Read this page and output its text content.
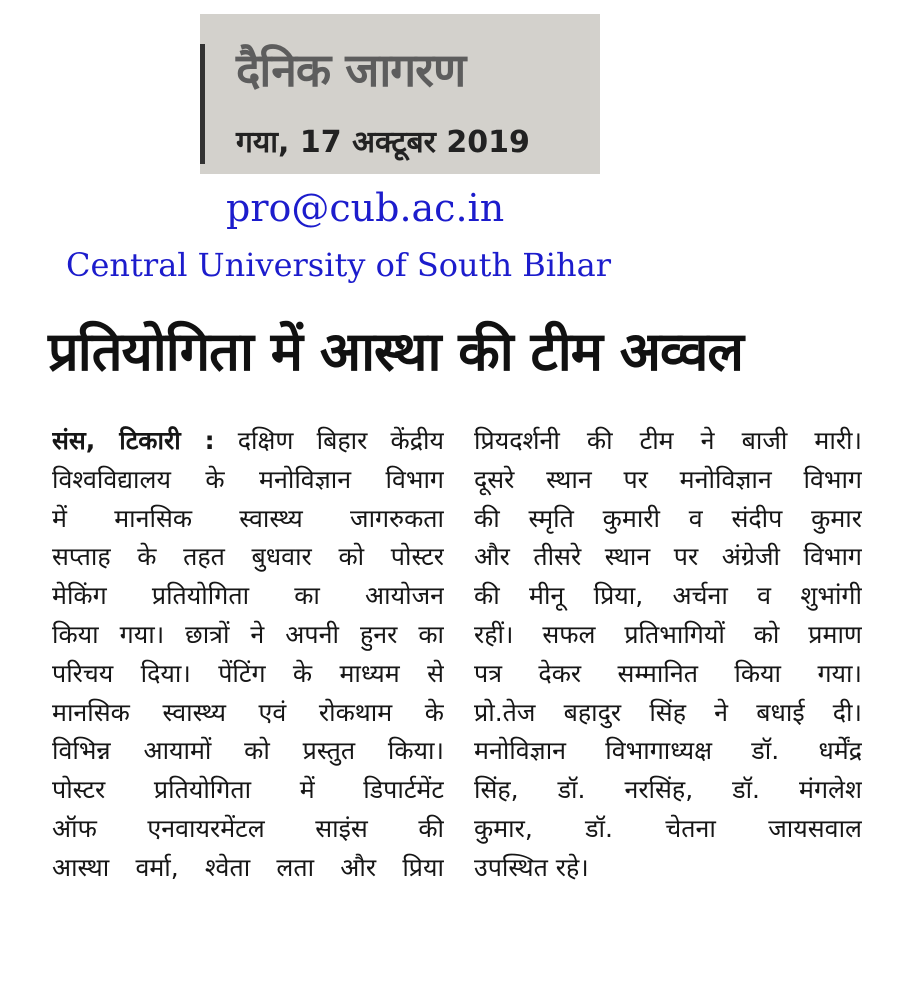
दैनिक जागरण
गया, 17 अक्टूबर 2019
pro@cub.ac.in
Central University of South Bihar
प्रतियोगिता में आस्था की टीम अव्वल
संस, टिकारी : दक्षिण बिहार केंद्रीय
विश्वविद्यालय के मनोविज्ञान विभाग
में मानसिक स्वास्थ्य जागरुकता
सप्ताह के तहत बुधवार को पोस्टर
मेकिंग प्रतियोगिता का आयोजन
किया गया। छात्रों ने अपनी हुनर का
परिचय दिया। पेंटिंग के माध्यम से
मानसिक स्वास्थ्य एवं रोकथाम के
विभिन्न आयामों को प्रस्तुत किया।
पोस्टर प्रतियोगिता में डिपार्टमेंट
ऑफ एनवायरमेंटल साइंस की
आस्था वर्मा, श्वेता लता और प्रिया
प्रियदर्शनी की टीम ने बाजी मारी।
दूसरे स्थान पर मनोविज्ञान विभाग
की स्मृति कुमारी व संदीप कुमार
और तीसरे स्थान पर अंग्रेजी विभाग
की मीनू प्रिया, अर्चना व शुभांगी
रहीं। सफल प्रतिभागियों को प्रमाण
पत्र देकर सम्मानित किया गया।
प्रो.तेज बहादुर सिंह ने बधाई दी।
मनोविज्ञान विभागाध्यक्ष डॉ. धर्मेंद्र
सिंह, डॉ. नरसिंह, डॉ. मंगलेश
कुमार, डॉ. चेतना जायसवाल
उपस्थित रहे।
